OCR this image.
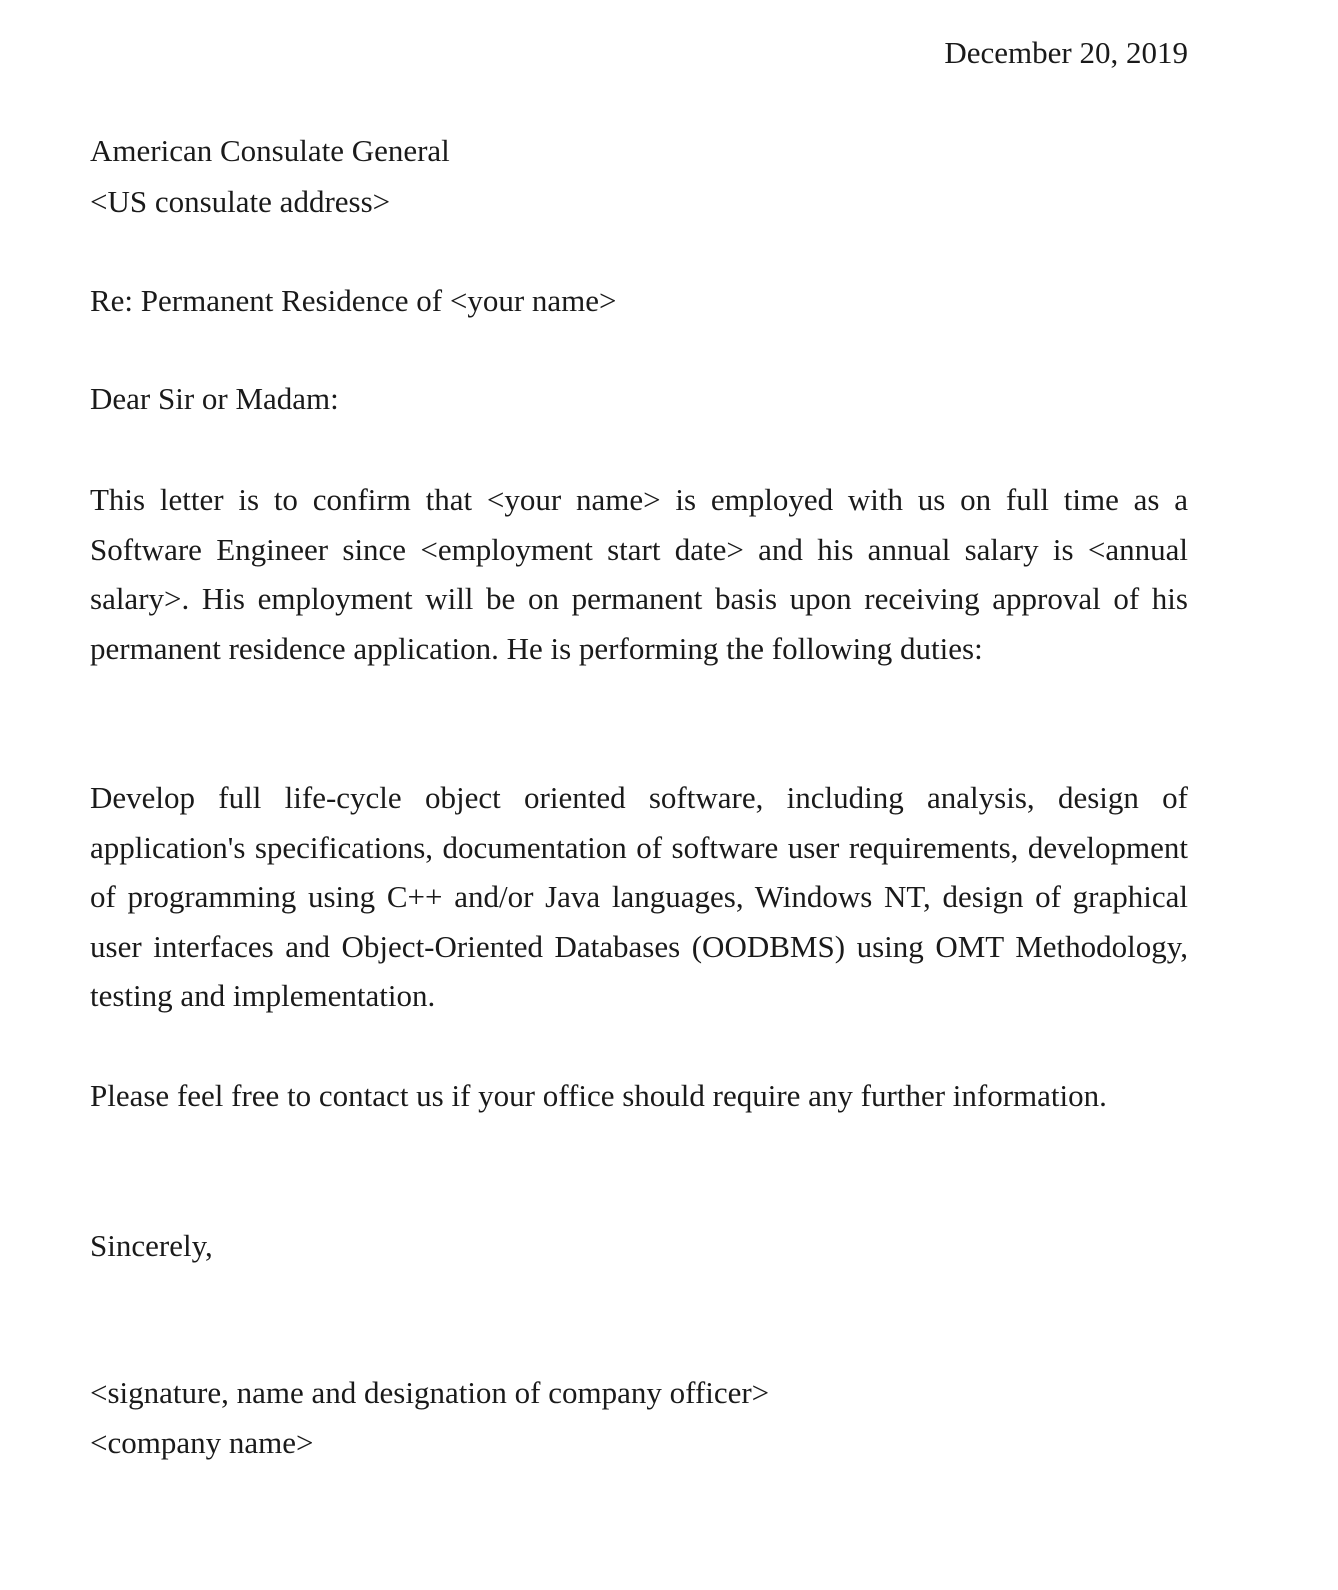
December 20, 2019
American Consulate General
<US consulate address>
Re: Permanent Residence of <your name>
Dear Sir or Madam:

This letter is to confirm that <your name> is employed with us on full time as a Software Engineer since <employment start date> and his annual salary is <annual salary>. His employment will be on permanent basis upon receiving approval of his permanent residence application. He is performing the following duties:

Develop full life-cycle object oriented software, including analysis, design of application's specifications, documentation of software user requirements, development of programming using C++ and/or Java languages, Windows NT, design of graphical user interfaces and Object-Oriented Databases (OODBMS) using OMT Methodology, testing and implementation.

Please feel free to contact us if your office should require any further information.

Sincerely,
<signature, name and designation of company officer>
<company name>
